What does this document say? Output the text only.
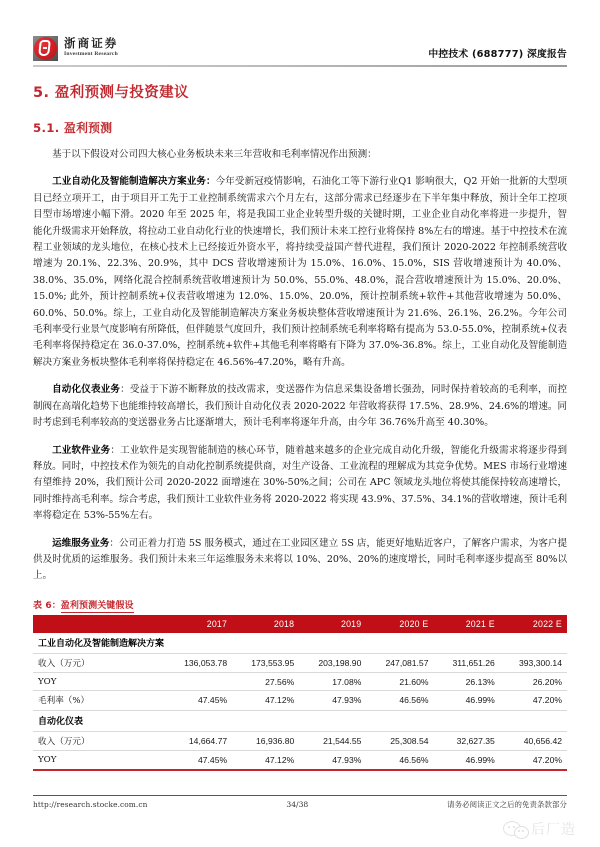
浙商证券
Investment Research	中控技术 (688777) 深度报告
5. 盈利预测与投资建议
5.1. 盈利预测

基于以下假设对公司四大核心业务板块未来三年营收和毛利率情况作出预测：

工业自动化及智能制造解决方案业务：今年受新冠疫情影响，石油化工等下游行业Q1 影响很大，Q2 开始一批新的大型项目已经立项开工，由于项目开工先于工业控制系统需求六个月左右，这部分需求已经逐步在下半年集中释放，预计全年工控项目型市场增速小幅下滑。2020 年至 2025 年，将是我国工业企业转型升级的关键时期，工业企业自动化率将进一步提升，智能化升级需求开始释放，将拉动工业自动化行业的快速增长，我们预计未来工控行业将保持 8%左右的增速。基于中控技术在流程工业领域的龙头地位，在核心技术上已经接近外资水平，将持续受益国产替代进程，我们预计 2020-2022 年控制系统营收增速为 20.1%、22.3%、20.9%，其中 DCS 营收增速预计为 15.0%、16.0%、15.0%，SIS 营收增速预计为 40.0%、38.0%、35.0%，网络化混合控制系统营收增速预计为 50.0%、55.0%、48.0%，混合营收增速预计为 15.0%、20.0%、15.0%; 此外，预计控制系统+仪表营收增速为 12.0%、15.0%、20.0%，预计控制系统+软件+其他营收增速为 50.0%、60.0%、50.0%。综上，工业自动化及智能制造解决方案业务板块整体营收增速预计为 21.6%、26.1%、26.2%。今年公司毛利率受行业景气度影响有所降低，但伴随景气度回升，我们预计控制系统毛利率将略有提高为 53.0-55.0%，控制系统+仪表毛利率将保持稳定在 36.0-37.0%，控制系统+软件+其他毛利率将略有下降为 37.0%-36.8%。综上，工业自动化及智能制造解决方案业务板块整体毛利率将保持稳定在 46.56%-47.20%，略有升高。

自动化仪表业务：受益于下游不断释放的技改需求，变送器作为信息采集设备增长强劲，同时保持着较高的毛利率，而控制阀在高端化趋势下也能维持较高增长，我们预计自动化仪表 2020-2022 年营收将获得 17.5%、28.9%、24.6%的增速。同时考虑到毛利率较高的变送器业务占比逐渐增大，预计毛利率将逐年升高，由今年 36.76%升高至 40.30%。

工业软件业务：工业软件是实现智能制造的核心环节，随着越来越多的企业完成自动化升级，智能化升级需求将逐步得到释放。同时，中控技术作为领先的自动化控制系统提供商，对生产设备、工业流程的理解成为其竞争优势。MES 市场行业增速有望维持 20%，我们预计公司 2020-2022 面增速在 30%-50%之间；公司在 APC 领域龙头地位将使其能保持较高速增长，同时维持高毛利率。综合考虑，我们预计工业软件业务将 2020-2022 将实现 43.9%、37.5%、34.1%的营收增速，预计毛利率将稳定在 53%-55%左右。

运维服务业务：公司正着力打造 5S 服务模式，通过在工业园区建立 5S 店，能更好地贴近客户，了解客户需求，为客户提供及时优质的运维服务。我们预计未来三年运维服务未来将以 10%、20%、20%的速度增长，同时毛利率逐步提高至 80%以上。

表 6：盈利预测关键假设
	2017	2018	2019	2020 E	2021 E	2022 E
工业自动化及智能制造解决方案						
收入（万元）	136,053.78	173,553.95	203,198.90	247,081.57	311,651.26	393,300.14
YOY		27.56%	17.08%	21.60%	26.13%	26.20%
毛利率（%）	47.45%	47.12%	47.93%	46.56%	46.99%	47.20%
自动化仪表						
收入（万元）	14,664.77	16,936.80	21,544.55	25,308.54	32,627.35	40,656.42
YOY	47.45%	47.12%	47.93%	46.56%	46.99%	47.20%
http://research.stocke.com.cn	34/38	请务必阅读正文之后的免责条款部分
后厂造
